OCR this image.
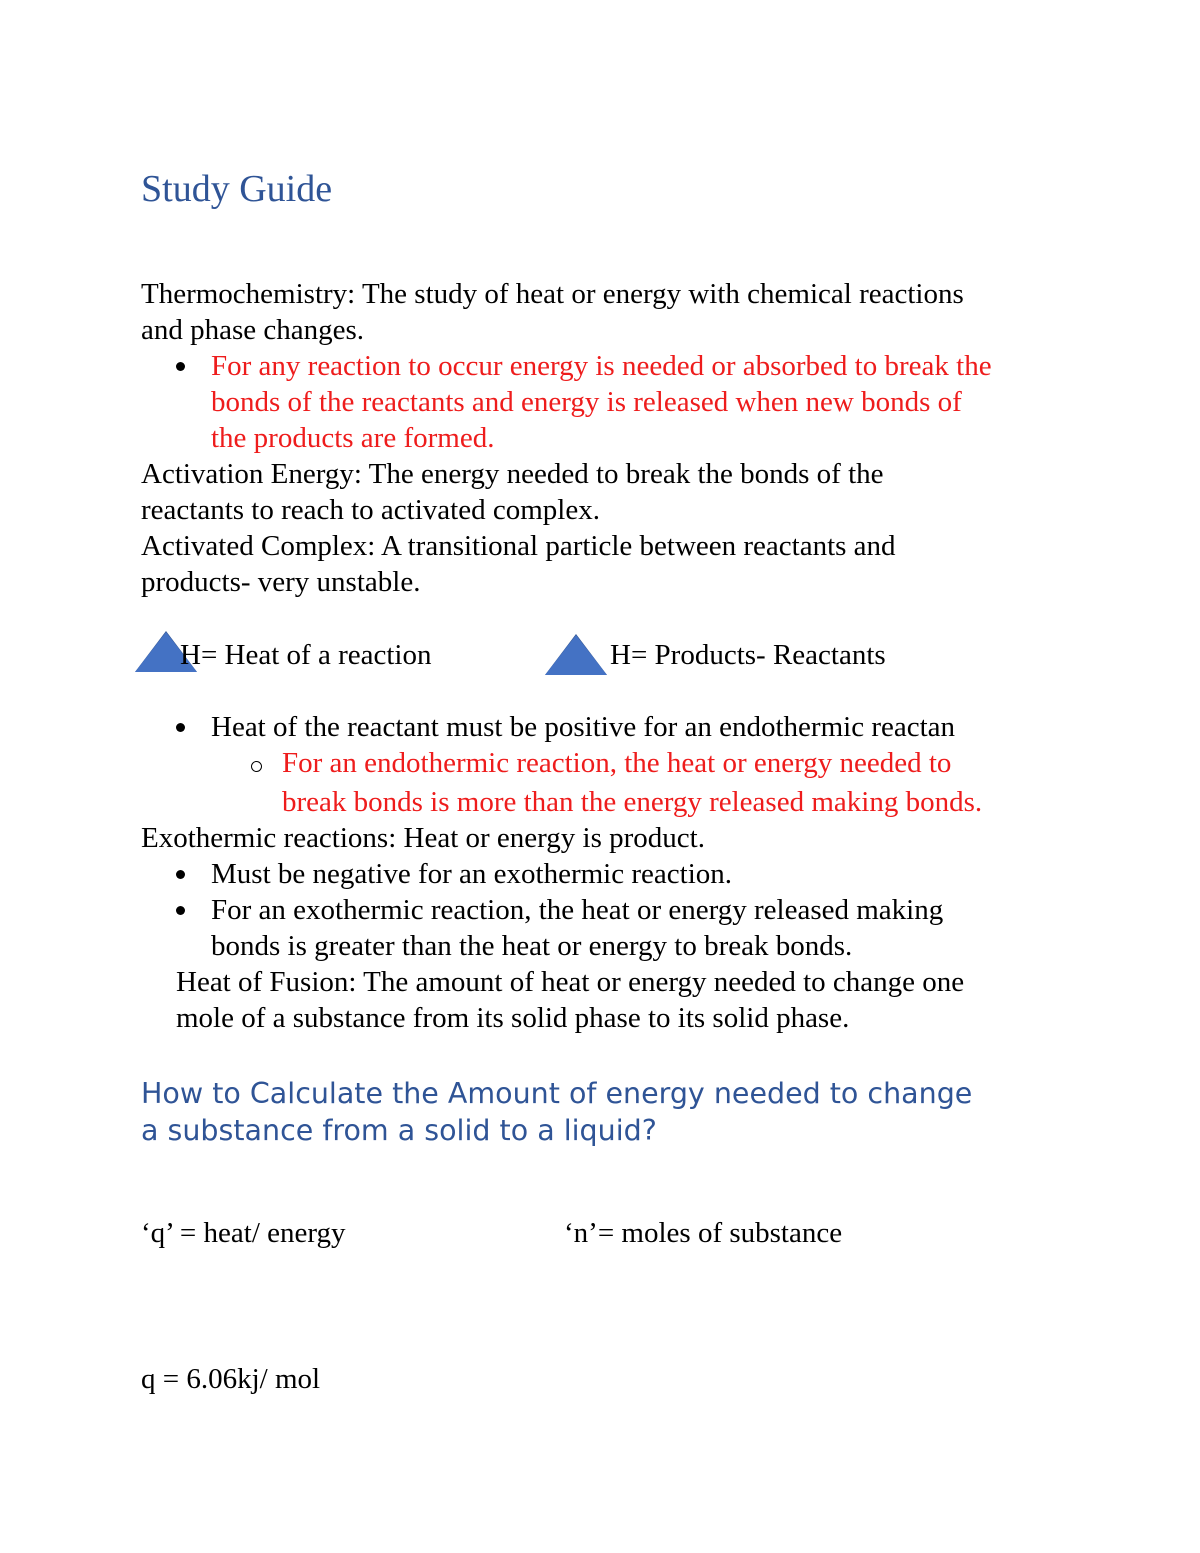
Study Guide
Thermochemistry: The study of heat or energy with chemical reactions
and phase changes.
For any reaction to occur energy is needed or absorbed to break the
bonds of the reactants and energy is released when new bonds of
the products are formed.
Activation Energy: The energy needed to break the bonds of the
reactants to reach to activated complex.
Activated Complex: A transitional particle between reactants and
products- very unstable.
H= Heat of a reaction	H= Products- Reactants
Heat of the reactant must be positive for an endothermic reactan
For an endothermic reaction, the heat or energy needed to
break bonds is more than the energy released making bonds.
Exothermic reactions: Heat or energy is product.
Must be negative for an exothermic reaction.
For an exothermic reaction, the heat or energy released making
bonds is greater than the heat or energy to break bonds.
Heat of Fusion: The amount of heat or energy needed to change one
mole of a substance from its solid phase to its solid phase.
How to Calculate the Amount of energy needed to change
a substance from a solid to a liquid?
‘q’ = heat/ energy	‘n’= moles of substance
q = 6.06kj/ mol
